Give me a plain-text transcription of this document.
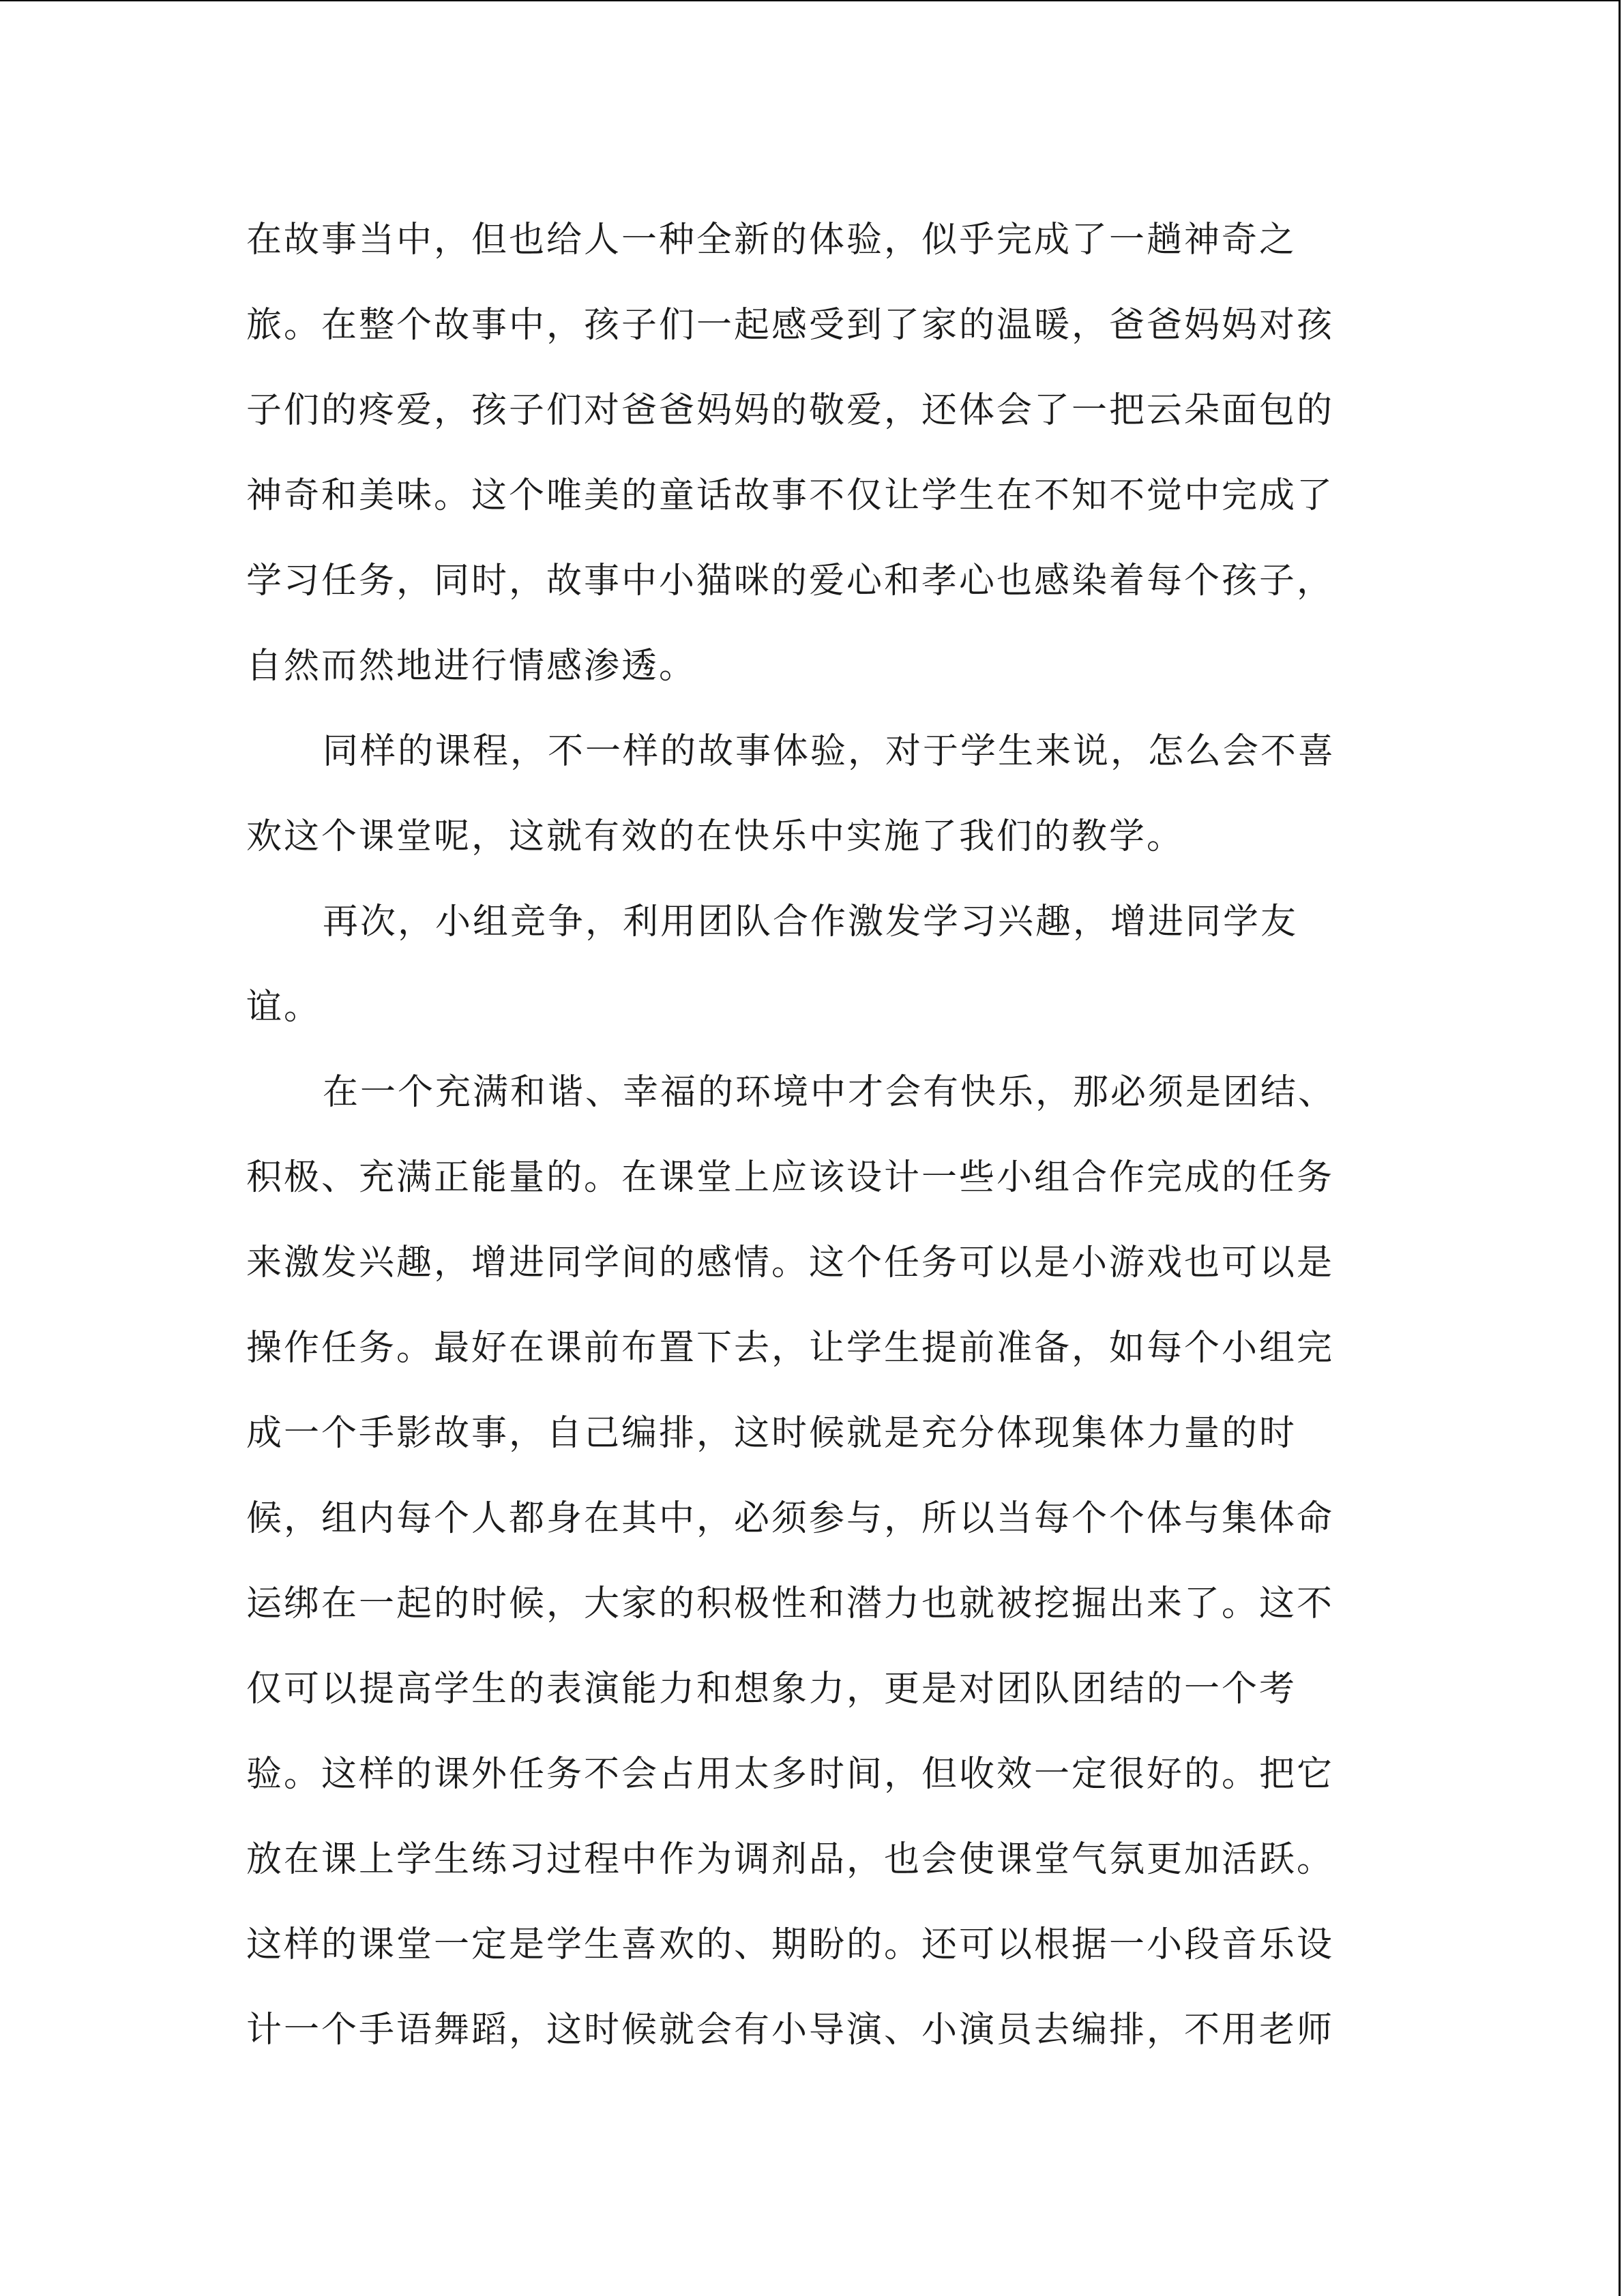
在故事当中，但也给人一种全新的体验，似乎完成了一趟神奇之
旅。在整个故事中，孩子们一起感受到了家的温暖，爸爸妈妈对孩
子们的疼爱，孩子们对爸爸妈妈的敬爱，还体会了一把云朵面包的
神奇和美味。这个唯美的童话故事不仅让学生在不知不觉中完成了
学习任务，同时，故事中小猫咪的爱心和孝心也感染着每个孩子，
自然而然地进行情感渗透。
同样的课程，不一样的故事体验，对于学生来说，怎么会不喜
欢这个课堂呢，这就有效的在快乐中实施了我们的教学。
再次，小组竞争，利用团队合作激发学习兴趣，增进同学友
谊。
在一个充满和谐、幸福的环境中才会有快乐，那必须是团结、
积极、充满正能量的。在课堂上应该设计一些小组合作完成的任务
来激发兴趣，增进同学间的感情。这个任务可以是小游戏也可以是
操作任务。最好在课前布置下去，让学生提前准备，如每个小组完
成一个手影故事，自己编排，这时候就是充分体现集体力量的时
候，组内每个人都身在其中，必须参与，所以当每个个体与集体命
运绑在一起的时候，大家的积极性和潜力也就被挖掘出来了。这不
仅可以提高学生的表演能力和想象力，更是对团队团结的一个考
验。这样的课外任务不会占用太多时间，但收效一定很好的。把它
放在课上学生练习过程中作为调剂品，也会使课堂气氛更加活跃。
这样的课堂一定是学生喜欢的、期盼的。还可以根据一小段音乐设
计一个手语舞蹈，这时候就会有小导演、小演员去编排，不用老师
